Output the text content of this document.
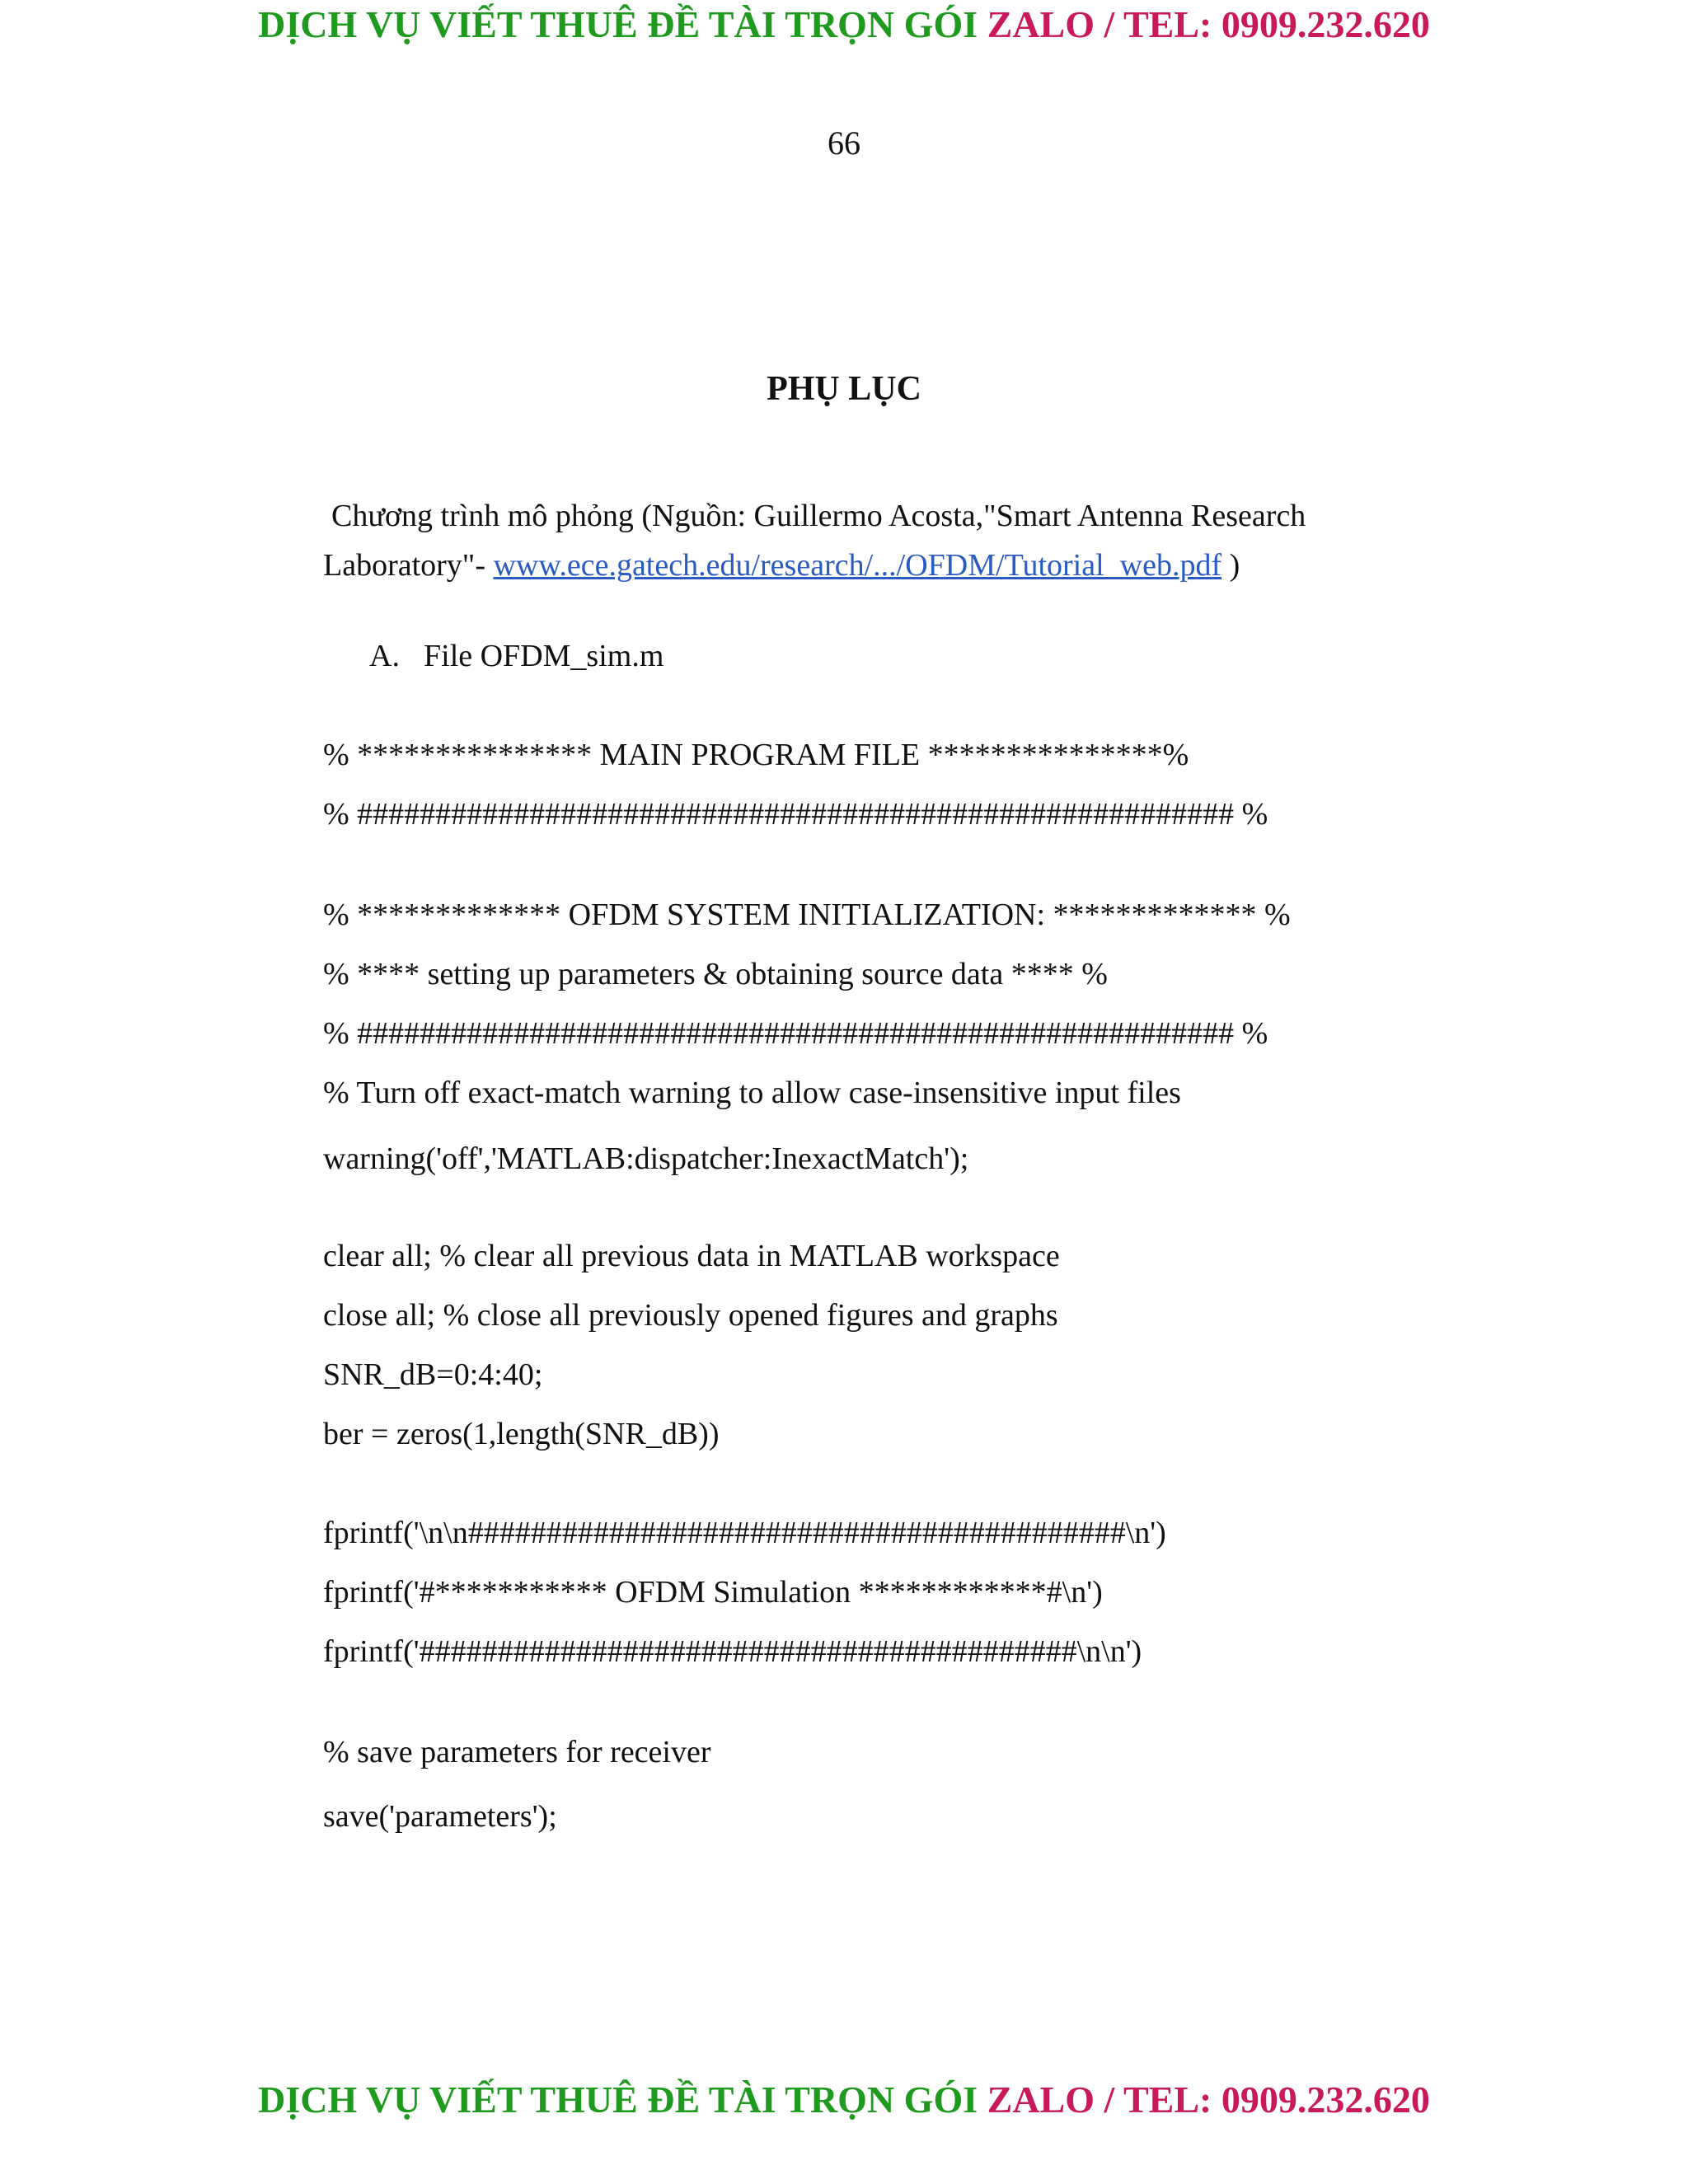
DỊCH VỤ VIẾT THUÊ ĐỀ TÀI TRỌN GÓI ZALO / TEL: 0909.232.620
66
PHỤ LỤC
Chương trình mô phỏng (Nguồn: Guillermo Acosta,"Smart Antenna Research
Laboratory"- www.ece.gatech.edu/research/.../OFDM/Tutorial_web.pdf )
A. File OFDM_sim.m
% *************** MAIN PROGRAM FILE ***************%
% ######################################################## %
% ************* OFDM SYSTEM INITIALIZATION: ************* %
% **** setting up parameters & obtaining source data **** %
% ######################################################## %
% Turn off exact-match warning to allow case-insensitive input files
warning('off','MATLAB:dispatcher:InexactMatch');
clear all; % clear all previous data in MATLAB workspace
close all; % close all previously opened figures and graphs
SNR_dB=0:4:40;
ber = zeros(1,length(SNR_dB))
fprintf('\n\n##########################################\n')
fprintf('#*********** OFDM Simulation ************#\n')
fprintf('##########################################\n\n')
% save parameters for receiver
save('parameters');
DỊCH VỤ VIẾT THUÊ ĐỀ TÀI TRỌN GÓI ZALO / TEL: 0909.232.620
